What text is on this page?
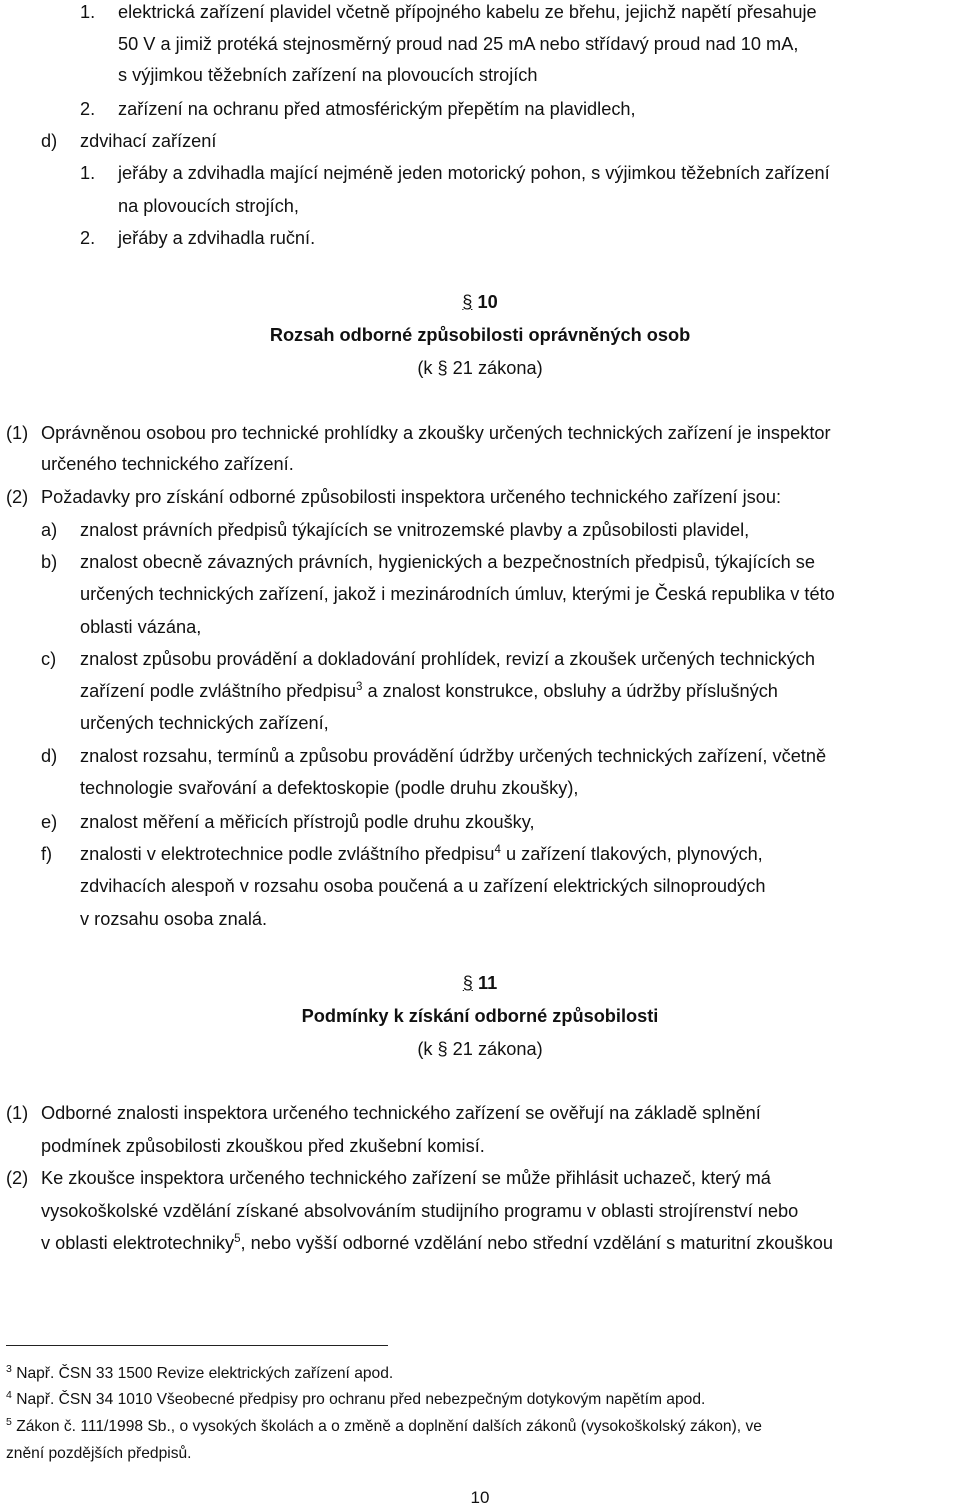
1. elektrická zařízení plavidel včetně přípojného kabelu ze břehu, jejichž napětí přesahuje
50 V a jimiž protéká stejnosměrný proud nad 25 mA nebo střídavý proud nad 10 mA,
s výjimkou těžebních zařízení na plovoucích strojích
2. zařízení na ochranu před atmosférickým přepětím na plavidlech,
d) zdvihací zařízení
1. jeřáby a zdvihadla mající nejméně jeden motorický pohon, s výjimkou těžebních zařízení
na plovoucích strojích,
2. jeřáby a zdvihadla ruční.
§ 10
Rozsah odborné způsobilosti oprávněných osob
(k § 21 zákona)
(1) Oprávněnou osobou pro technické prohlídky a zkoušky určených technických zařízení je inspektor
určeného technického zařízení.
(2) Požadavky pro získání odborné způsobilosti inspektora určeného technického zařízení jsou:
a) znalost právních předpisů týkajících se vnitrozemské plavby a způsobilosti plavidel,
b) znalost obecně závazných právních, hygienických a bezpečnostních předpisů, týkajících se
určených technických zařízení, jakož i mezinárodních úmluv, kterými je Česká republika v této
oblasti vázána,
c) znalost způsobu provádění a dokladování prohlídek, revizí a zkoušek určených technických
zařízení podle zvláštního předpisu$^3$ a znalost konstrukce, obsluhy a údržby příslušných
určených technických zařízení,
d) znalost rozsahu, termínů a způsobu provádění údržby určených technických zařízení, včetně
technologie svařování a defektoskopie (podle druhu zkoušky),
e) znalost měření a měřicích přístrojů podle druhu zkoušky,
f) znalosti v elektrotechnice podle zvláštního předpisu$^4$ u zařízení tlakových, plynových,
zdvihacích alespoň v rozsahu osoba poučená a u zařízení elektrických silnoproudých
v rozsahu osoba znalá.
§ 11
Podmínky k získání odborné způsobilosti
(k § 21 zákona)
(1) Odborné znalosti inspektora určeného technického zařízení se ověřují na základě splnění
podmínek způsobilosti zkouškou před zkušební komisí.
(2) Ke zkoušce inspektora určeného technického zařízení se může přihlásit uchazeč, který má
vysokoškolské vzdělání získané absolvováním studijního programu v oblasti strojírenství nebo
v oblasti elektrotechniky$^5$, nebo vyšší odborné vzdělání nebo střední vzdělání s maturitní zkouškou
$^3$ Např. ČSN 33 1500 Revize elektrických zařízení apod.
$^4$ Např. ČSN 34 1010 Všeobecné předpisy pro ochranu před nebezpečným dotykovým napětím apod.
$^5$ Zákon č. 111/1998 Sb., o vysokých školách a o změně a doplnění dalších zákonů (vysokoškolský zákon), ve
znění pozdějších předpisů.
10
